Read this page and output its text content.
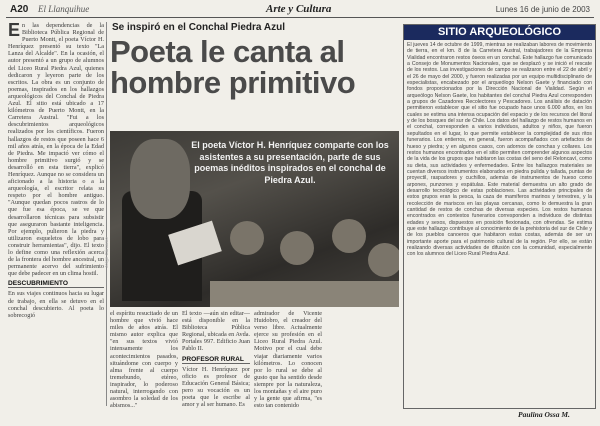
A20 El Llanquihue	Arte y Cultura	Lunes 16 de junio de 2003
En las dependencias de la Biblioteca Pública Regional de Puerto Montt, el poeta Víctor H. Henríquez presentó su texto "La Lanza del Alcalde". En la ocasión, el autor presentó a un grupo de alumnos del Liceo Rural Piedra Azul, quienes dedicaron y leyeron parte de los escritos. La obra es un conjunto de poemas, inspirados en los hallazgos arqueológicos del Conchal de Piedra Azul. El sitio está ubicado a 17 kilómetros de Puerto Montt, en la Carretera Austral. "Fui a los descubrimientos arqueológicos realizados por los científicos. Fueron hallazgos de restos que poseen hace 6 mil años atrás, en la época de la Edad de Piedra. Me impactó ver cómo el hombre primitivo surgió y se desarrolló en esta tierra", explicó Henríquez. Aunque no se considera un aficionado a la historia o a la arqueología, el escritor relata su respeto por el hombre antiguo. "Aunque quedan pocos rastros de lo que fue esa época, se ve que desarrollaron técnicas para subsistir que aseguraron bastante inteligencia. Por ejemplo, pulieron la piedra y utilizaron esqueletos de lobo para construir herramientas", dijo. El texto lo define como una reflexión acerca de la frontera del hombre ancestral, un permanente acervo del sufrimiento que debe padecer en un clima hostil.
DESCUBRIMIENTO
En sus viajes continuos hacia su lugar de trabajo, en ella se detuvo en el conchal descubierto. Al poeta lo sobrecogió
Se inspiró en el Conchal Piedra Azul
Poeta le canta al hombre primitivo
El poeta Víctor H. Henríquez comparte con los asistentes a su presentación, parte de sus poemas inéditos inspirados en el conchal de Piedra Azul.
Jorge Cárcamo
el espíritu resucitado de un hombre que vivió hace miles de años atrás. El mismo autor explica que "en sus textos vivió intensamente los acontecimientos pasados, situándome con cuerpo y alma frente al cuerpo tremebundo, etéreo, inspirador, lo poderoso natural, interrogando con asombro la soledad de los abismos..."
El texto —aún sin editar— está disponible en la Biblioteca Pública Regional, ubicada en Avda. Portales 997. Edificio Juan Pablo II.
PROFESOR RURAL
Víctor H. Henríquez por oficio es profesor de Educación General Básica; pero su vocación es un poeta que le escribe al amor y al ser humano. Es
admirador de Vicente Huidobro, el creador del verso libre. Actualmente ejerce su profesión en el Liceo Rural Piedra Azul. Motivo por el cual debe viajar diariamente varios kilómetros. Lo conocen por lo rural se debe al gusto que ha sentido desde siempre por la naturaleza, los montañas y el aire puro y la gente que afirma, "es esto tan contenido
SITIO ARQUEOLÓGICO
El jueves 14 de octubre de 1999, mientras se realizaban labores de movimiento de tierra, en el km. 8 de la Carretera Austral, trabajadores de la Empresa Vialidad encontraron restos óseos en un conchal. Este hallazgo fue comunicado a Consejo de Monumentos Nacionales, que se desplazó y se inició el rescate de los restos. Las investigaciones de campo se realizaron entre el 22 de abril y el 26 de mayo del 2000, y fueron realizadas por un equipo multidisciplinario de especialistas, encabezado por el arqueólogo Nelson Gaete y financiado con fondos proporcionados por la Dirección Nacional de Vialidad. Según el arqueólogo Nelson Gaete, los habitantes del conchal Piedra Azul corresponden a grupos de Cazadores Recolectores y Pescadores. Los análisis de datación permitieron establecer que el sitio fue ocupado hace unos 6.000 años, en los cuales se estima una intensa ocupación del espacio y de los recursos del litoral y de los bosques del sur de Chile. Los datos del hallazgo de restos humanos en el conchal, corresponden a varios individuos, adultos y niños, que fueron sepultados en el lugar, lo que permite establecer la complejidad de sus ritos funerarios. Los entierros, en general, fueron acompañados con artefactos de hueso y piedra; y en algunos casos, con adornos de conchas y collares. Los restos humanos encontrados en el sitio permiten comprender algunos aspectos de la vida de los grupos que habitaron las costas del seno del Reloncaví, como su dieta, sus actividades y enfermedades. Entre los hallazgos materiales se cuentan diversos instrumentos elaborados en piedra pulida y tallada, puntas de proyectil, raspadores y cuchillos, además de instrumentos de hueso como arpones, punzones y espátulas. Este material demuestra un alto grado de desarrollo tecnológico de estas poblaciones. Las actividades principales de estos grupos eran la pesca, la caza de mamíferos marinos y terrestres, y la recolección de mariscos en las playas cercanas, como lo demuestra la gran cantidad de restos de conchas de diversas especies. Los restos humanos encontrados en contextos funerarios corresponden a individuos de distintas edades y sexos, dispuestos en posición flexionada, con ofrendas. Se estima que este hallazgo contribuye al conocimiento de la prehistoria del sur de Chile y de los pueblos canoeros que habitaron estas costas, además de ser un importante aporte para el patrimonio cultural de la región. Por ello, se están realizando diversas actividades de difusión con la comunidad, especialmente con los alumnos del Liceo Rural Piedra Azul.
Paulina Ossa M.
